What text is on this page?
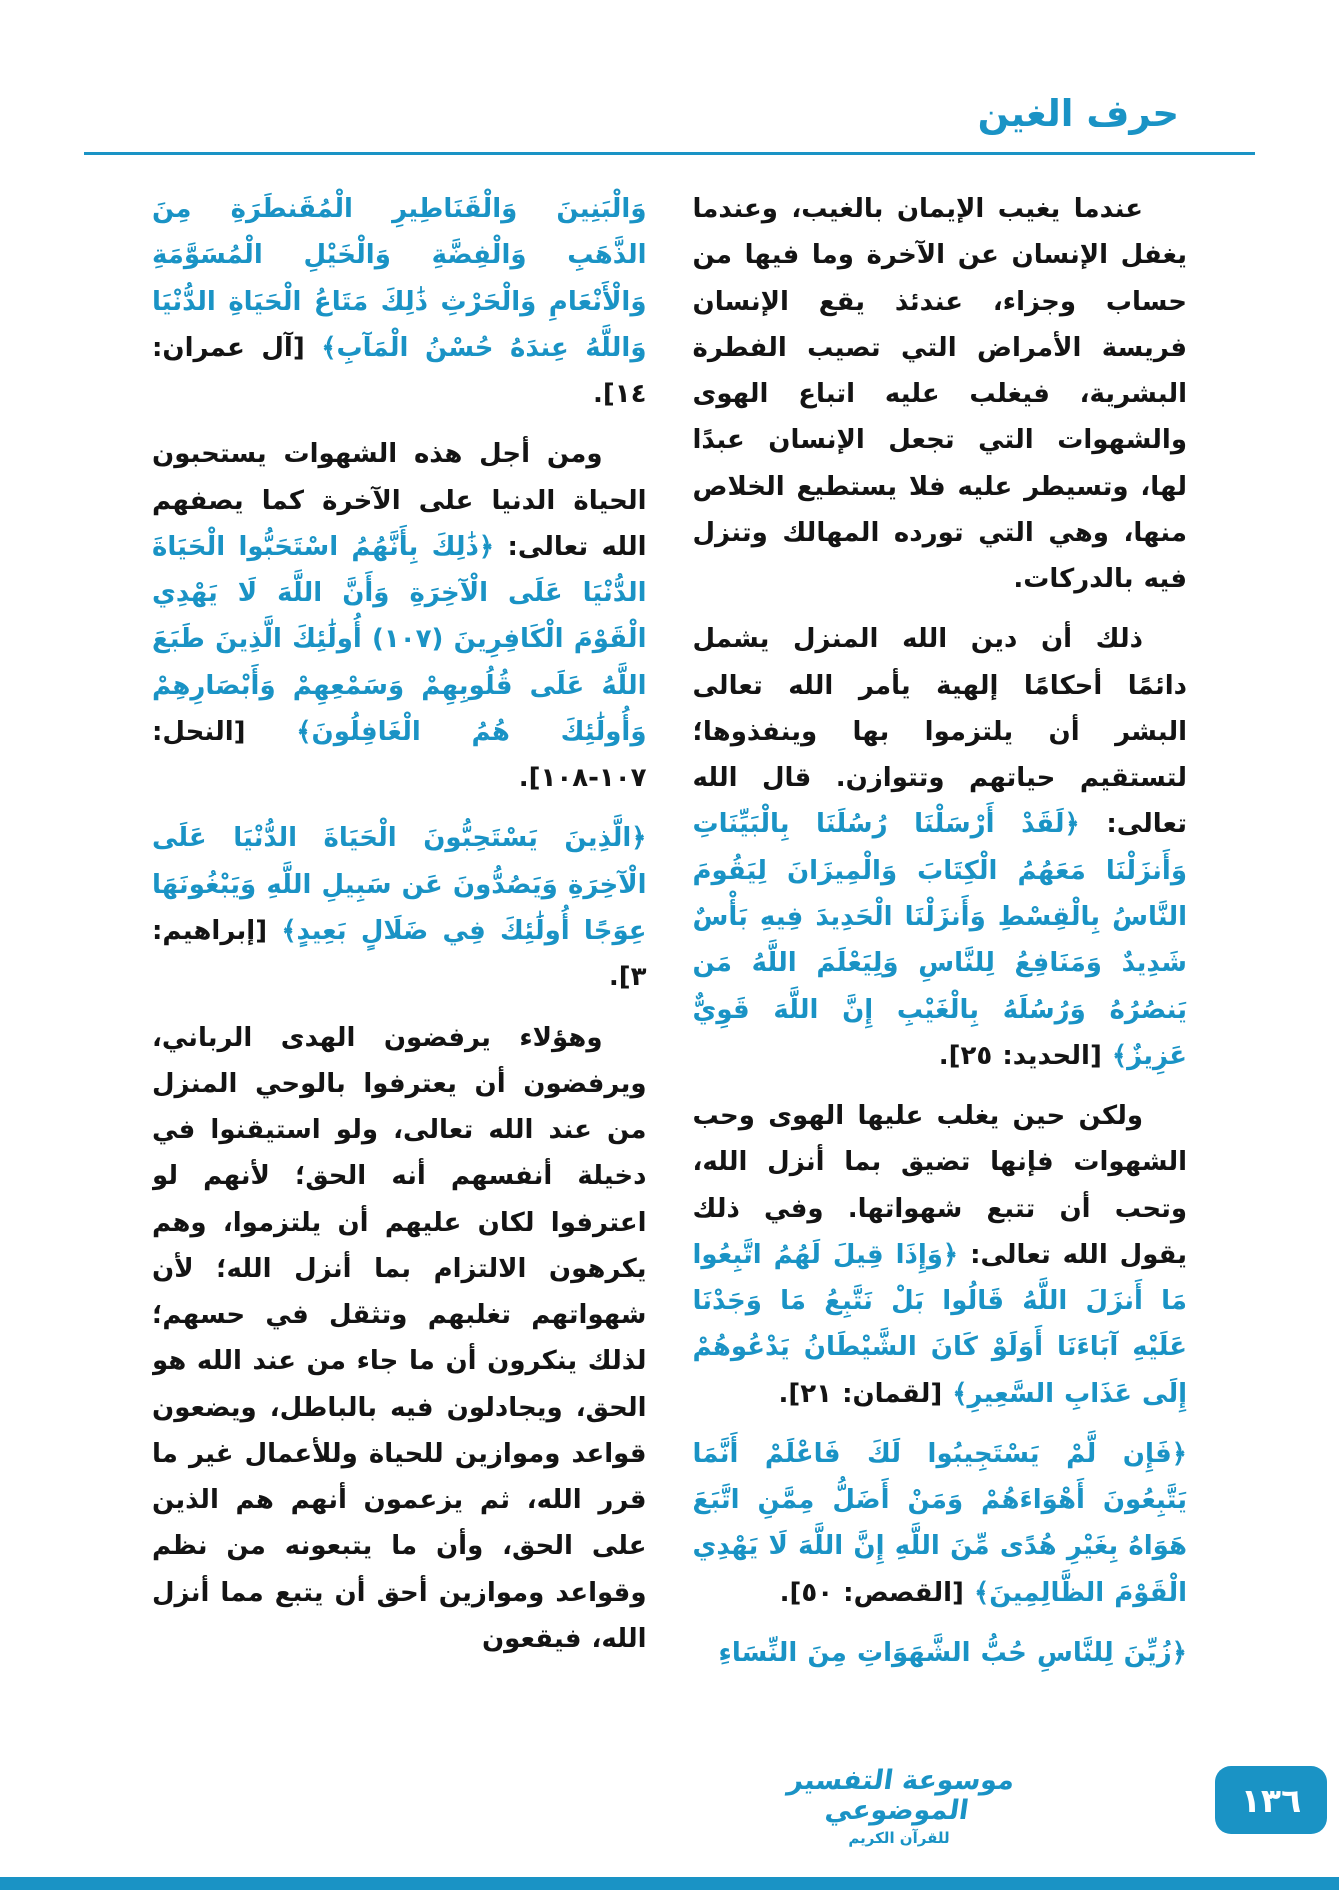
حرف الغين

عندما يغيب الإيمان بالغيب، وعندما يغفل الإنسان عن الآخرة وما فيها من حساب وجزاء، عندئذ يقع الإنسان فريسة الأمراض التي تصيب الفطرة البشرية، فيغلب عليه اتباع الهوى والشهوات التي تجعل الإنسان عبدًا لها، وتسيطر عليه فلا يستطيع الخلاص منها، وهي التي تورده المهالك وتنزل فيه بالدركات.

ذلك أن دين الله المنزل يشمل دائمًا أحكامًا إلهية يأمر الله تعالى البشر أن يلتزموا بها وينفذوها؛ لتستقيم حياتهم وتتوازن. قال الله تعالى: ﴿لَقَدْ أَرْسَلْنَا رُسُلَنَا بِالْبَيِّنَاتِ وَأَنزَلْنَا مَعَهُمُ الْكِتَابَ وَالْمِيزَانَ لِيَقُومَ النَّاسُ بِالْقِسْطِ وَأَنزَلْنَا الْحَدِيدَ فِيهِ بَأْسٌ شَدِيدٌ وَمَنَافِعُ لِلنَّاسِ وَلِيَعْلَمَ اللَّهُ مَن يَنصُرُهُ وَرُسُلَهُ بِالْغَيْبِ إِنَّ اللَّهَ قَوِيٌّ عَزِيزٌ﴾ [الحديد: ٢٥].

ولكن حين يغلب عليها الهوى وحب الشهوات فإنها تضيق بما أنزل الله، وتحب أن تتبع شهواتها. وفي ذلك يقول الله تعالى: ﴿وَإِذَا قِيلَ لَهُمُ اتَّبِعُوا مَا أَنزَلَ اللَّهُ قَالُوا بَلْ نَتَّبِعُ مَا وَجَدْنَا عَلَيْهِ آبَاءَنَا أَوَلَوْ كَانَ الشَّيْطَانُ يَدْعُوهُمْ إِلَى عَذَابِ السَّعِيرِ﴾ [لقمان: ٢١].

﴿فَإِن لَّمْ يَسْتَجِيبُوا لَكَ فَاعْلَمْ أَنَّمَا يَتَّبِعُونَ أَهْوَاءَهُمْ وَمَنْ أَضَلُّ مِمَّنِ اتَّبَعَ هَوَاهُ بِغَيْرِ هُدًى مِّنَ اللَّهِ إِنَّ اللَّهَ لَا يَهْدِي الْقَوْمَ الظَّالِمِينَ﴾ [القصص: ٥٠].

﴿زُيِّنَ لِلنَّاسِ حُبُّ الشَّهَوَاتِ مِنَ النِّسَاءِ

وَالْبَنِينَ وَالْقَنَاطِيرِ الْمُقَنطَرَةِ مِنَ الذَّهَبِ وَالْفِضَّةِ وَالْخَيْلِ الْمُسَوَّمَةِ وَالْأَنْعَامِ وَالْحَرْثِ ذَٰلِكَ مَتَاعُ الْحَيَاةِ الدُّنْيَا وَاللَّهُ عِندَهُ حُسْنُ الْمَآبِ﴾ [آل عمران: ١٤].

ومن أجل هذه الشهوات يستحبون الحياة الدنيا على الآخرة كما يصفهم الله تعالى: ﴿ذَٰلِكَ بِأَنَّهُمُ اسْتَحَبُّوا الْحَيَاةَ الدُّنْيَا عَلَى الْآخِرَةِ وَأَنَّ اللَّهَ لَا يَهْدِي الْقَوْمَ الْكَافِرِينَ (١٠٧) أُولَٰئِكَ الَّذِينَ طَبَعَ اللَّهُ عَلَى قُلُوبِهِمْ وَسَمْعِهِمْ وَأَبْصَارِهِمْ وَأُولَٰئِكَ هُمُ الْغَافِلُونَ﴾ [النحل: ١٠٧-١٠٨].

﴿الَّذِينَ يَسْتَحِبُّونَ الْحَيَاةَ الدُّنْيَا عَلَى الْآخِرَةِ وَيَصُدُّونَ عَن سَبِيلِ اللَّهِ وَيَبْغُونَهَا عِوَجًا أُولَٰئِكَ فِي ضَلَالٍ بَعِيدٍ﴾ [إبراهيم: ٣].

وهؤلاء يرفضون الهدى الرباني، ويرفضون أن يعترفوا بالوحي المنزل من عند الله تعالى، ولو استيقنوا في دخيلة أنفسهم أنه الحق؛ لأنهم لو اعترفوا لكان عليهم أن يلتزموا، وهم يكرهون الالتزام بما أنزل الله؛ لأن شهواتهم تغلبهم وتثقل في حسهم؛ لذلك ينكرون أن ما جاء من عند الله هو الحق، ويجادلون فيه بالباطل، ويضعون قواعد وموازين للحياة وللأعمال غير ما قرر الله، ثم يزعمون أنهم هم الذين على الحق، وأن ما يتبعونه من نظم وقواعد وموازين أحق أن يتبع مما أنزل الله، فيقعون

موسوعة التفسير الموضوعي
للقرآن الكريم
١٣٦
